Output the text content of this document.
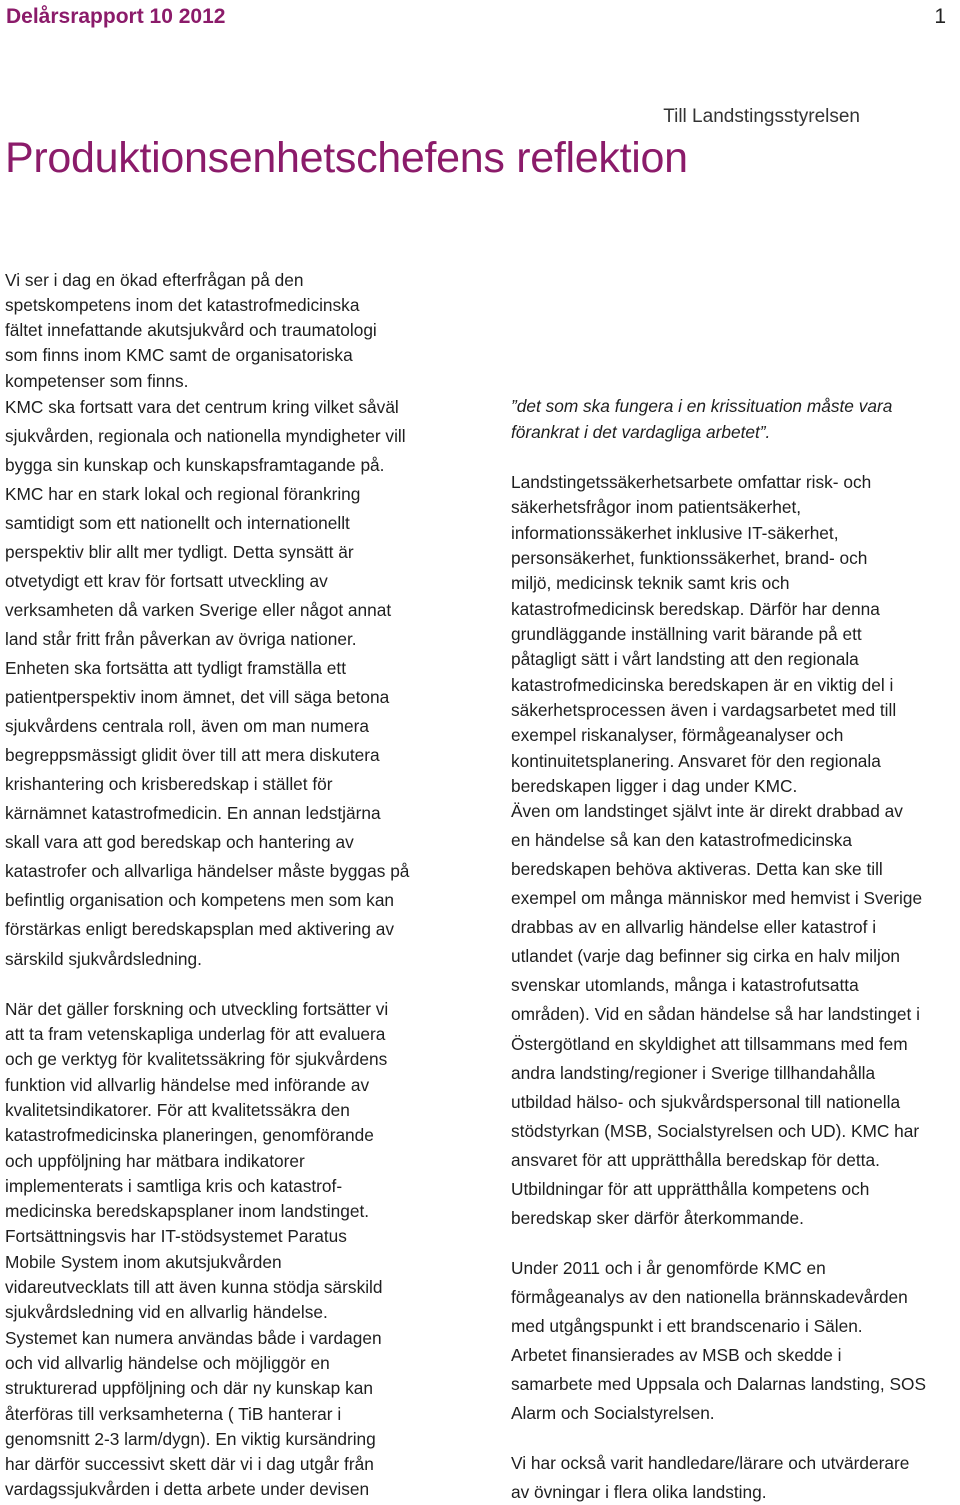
Delårsrapport 10 2012	1
Till Landstingsstyrelsen
Produktionsenhetschefens reflektion
Vi ser i dag en ökad efterfrågan på den
spetskompetens inom det katastrofmedicinska
fältet innefattande akutsjukvård och traumatologi
som finns inom KMC samt de organisatoriska
kompetenser som finns.
KMC ska fortsatt vara det centrum kring vilket såväl
sjukvården, regionala och nationella myndigheter vill
bygga sin kunskap och kunskapsframtagande på.
KMC har en stark lokal och regional förankring
samtidigt som ett nationellt och internationellt
perspektiv blir allt mer tydligt. Detta synsätt är
otvetydigt ett krav för fortsatt utveckling av
verksamheten då varken Sverige eller något annat
land står fritt från påverkan av övriga nationer.
Enheten ska fortsätta att tydligt framställa ett
patientperspektiv inom ämnet, det vill säga betona
sjukvårdens centrala roll, även om man numera
begreppsmässigt glidit över till att mera diskutera
krishantering och krisberedskap i stället för
kärnämnet katastrofmedicin. En annan ledstjärna
skall vara att god beredskap och hantering av
katastrofer och allvarliga händelser måste byggas på
befintlig organisation och kompetens men som kan
förstärkas enligt beredskapsplan med aktivering av
särskild sjukvårdsledning.
När det gäller forskning och utveckling fortsätter vi
att ta fram vetenskapliga underlag för att evaluera
och ge verktyg för kvalitetssäkring för sjukvårdens
funktion vid allvarlig händelse med införande av
kvalitetsindikatorer. För att kvalitetssäkra den
katastrofmedicinska planeringen, genomförande
och uppföljning har mätbara indikatorer
implementerats i samtliga kris och katastrof-
medicinska beredskapsplaner inom landstinget.
Fortsättningsvis har IT-stödsystemet Paratus
Mobile System inom akutsjukvården
vidareutvecklats till att även kunna stödja särskild
sjukvårdsledning vid en allvarlig händelse.
Systemet kan numera användas både i vardagen
och vid allvarlig händelse och möjliggör en
strukturerad uppföljning och där ny kunskap kan
återföras till verksamheterna ( TiB hanterar i
genomsnitt 2-3 larm/dygn). En viktig kursändring
har därför successivt skett där vi i dag utgår från
vardagssjukvården i detta arbete under devisen
”det som ska fungera i en krissituation måste vara
förankrat i det vardagliga arbetet”.
Landstingetssäkerhetsarbete omfattar risk- och
säkerhetsfrågor inom patientsäkerhet,
informationssäkerhet inklusive IT-säkerhet,
personsäkerhet, funktionssäkerhet, brand- och
miljö, medicinsk teknik samt kris och
katastrofmedicinsk beredskap. Därför har denna
grundläggande inställning varit bärande på ett
påtagligt sätt i vårt landsting att den regionala
katastrofmedicinska beredskapen är en viktig del i
säkerhetsprocessen även i vardagsarbetet med till
exempel riskanalyser, förmågeanalyser och
kontinuitetsplanering. Ansvaret för den regionala
beredskapen ligger i dag under KMC.
Även om landstinget självt inte är direkt drabbad av
en händelse så kan den katastrofmedicinska
beredskapen behöva aktiveras. Detta kan ske till
exempel om många människor med hemvist i Sverige
drabbas av en allvarlig händelse eller katastrof i
utlandet (varje dag befinner sig cirka en halv miljon
svenskar utomlands, många i katastrofutsatta
områden). Vid en sådan händelse så har landstinget i
Östergötland en skyldighet att tillsammans med fem
andra landsting/regioner i Sverige tillhandahålla
utbildad hälso- och sjukvårdspersonal till nationella
stödstyrkan (MSB, Socialstyrelsen och UD). KMC har
ansvaret för att upprätthålla beredskap för detta.
Utbildningar för att upprätthålla kompetens och
beredskap sker därför återkommande.
Under 2011 och i år genomförde KMC en
förmågeanalys av den nationella brännskadevården
med utgångspunkt i ett brandscenario i Sälen.
Arbetet finansierades av MSB och skedde i
samarbete med Uppsala och Dalarnas landsting, SOS
Alarm och Socialstyrelsen.
Vi har också varit handledare/lärare och utvärderare
av övningar i flera olika landsting.
